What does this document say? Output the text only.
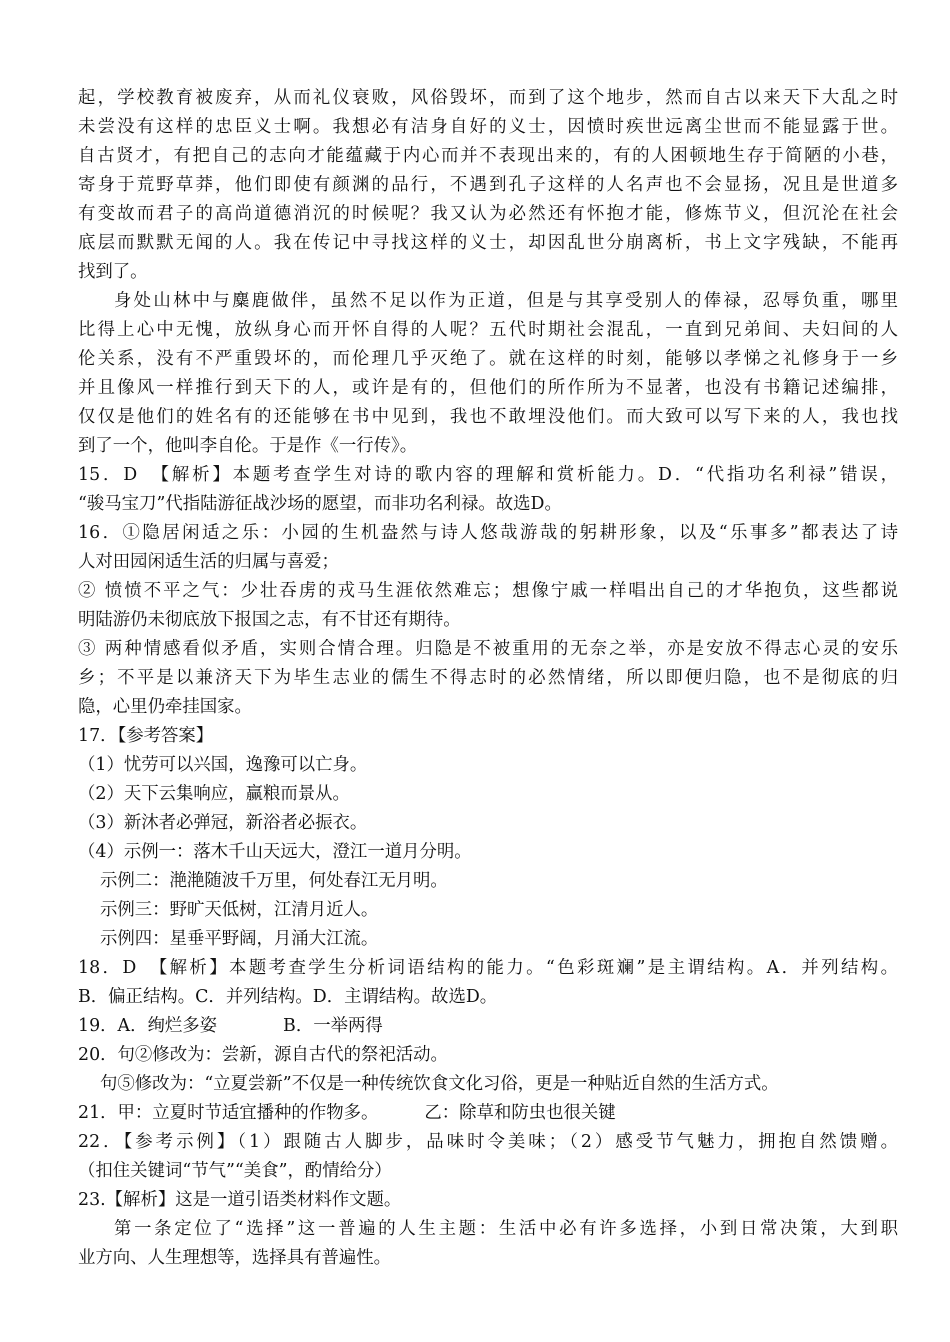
起，学校教育被废弃，从而礼仪衰败，风俗毁坏，而到了这个地步，然而自古以来天下大乱之时
未尝没有这样的忠臣义士啊。我想必有洁身自好的义士，因愤时疾世远离尘世而不能显露于世。
自古贤才，有把自己的志向才能蕴藏于内心而并不表现出来的，有的人困顿地生存于简陋的小巷，
寄身于荒野草莽，他们即使有颜渊的品行，不遇到孔子这样的人名声也不会显扬，况且是世道多
有变故而君子的高尚道德消沉的时候呢？我又认为必然还有怀抱才能，修炼节义，但沉沦在社会
底层而默默无闻的人。我在传记中寻找这样的义士，却因乱世分崩离析，书上文字残缺，不能再
找到了。
身处山林中与麋鹿做伴，虽然不足以作为正道，但是与其享受别人的俸禄，忍辱负重，哪里
比得上心中无愧，放纵身心而开怀自得的人呢？五代时期社会混乱，一直到兄弟间、夫妇间的人
伦关系，没有不严重毁坏的，而伦理几乎灭绝了。就在这样的时刻，能够以孝悌之礼修身于一乡
并且像风一样推行到天下的人，或许是有的，但他们的所作所为不显著，也没有书籍记述编排，
仅仅是他们的姓名有的还能够在书中见到，我也不敢埋没他们。而大致可以写下来的人，我也找
到了一个，他叫李自伦。于是作《一行传》。
15．D　【解析】本题考查学生对诗的歌内容的理解和赏析能力。D．“代指功名利禄”错误，
“骏马宝刀”代指陆游征战沙场的愿望，而非功名利禄。故选D。
16．①隐居闲适之乐：小园的生机盎然与诗人悠哉游哉的躬耕形象，以及“乐事多”都表达了诗
人对田园闲适生活的归属与喜爱；
② 愤愤不平之气：少壮吞虏的戎马生涯依然难忘；想像宁戚一样唱出自己的才华抱负，这些都说
明陆游仍未彻底放下报国之志，有不甘还有期待。
③ 两种情感看似矛盾，实则合情合理。归隐是不被重用的无奈之举，亦是安放不得志心灵的安乐
乡；不平是以兼济天下为毕生志业的儒生不得志时的必然情绪，所以即便归隐，也不是彻底的归
隐，心里仍牵挂国家。
17．【参考答案】
（1）忧劳可以兴国，逸豫可以亡身。
（2）天下云集响应，赢粮而景从。
（3）新沐者必弹冠，新浴者必振衣。
（4）示例一：落木千山天远大，澄江一道月分明。
示例二：滟滟随波千万里，何处春江无月明。
示例三：野旷天低树，江清月近人。
示例四：星垂平野阔，月涌大江流。
18．D　【解析】本题考查学生分析词语结构的能力。“色彩斑斓”是主谓结构。A．并列结构。
B．偏正结构。C．并列结构。D．主谓结构。故选D。
19．A．绚烂多姿	B．一举两得
20．句②修改为：尝新，源自古代的祭祀活动。
句⑤修改为：“立夏尝新”不仅是一种传统饮食文化习俗，更是一种贴近自然的生活方式。
21．甲：立夏时节适宜播种的作物多。	乙：除草和防虫也很关键
22．【参考示例】（1）跟随古人脚步，品味时令美味；（2）感受节气魅力，拥抱自然馈赠。
（扣住关键词“节气”“美食”，酌情给分）
23.【解析】这是一道引语类材料作文题。
第一条定位了“选择”这一普遍的人生主题：生活中必有许多选择，小到日常决策，大到职
业方向、人生理想等，选择具有普遍性。
